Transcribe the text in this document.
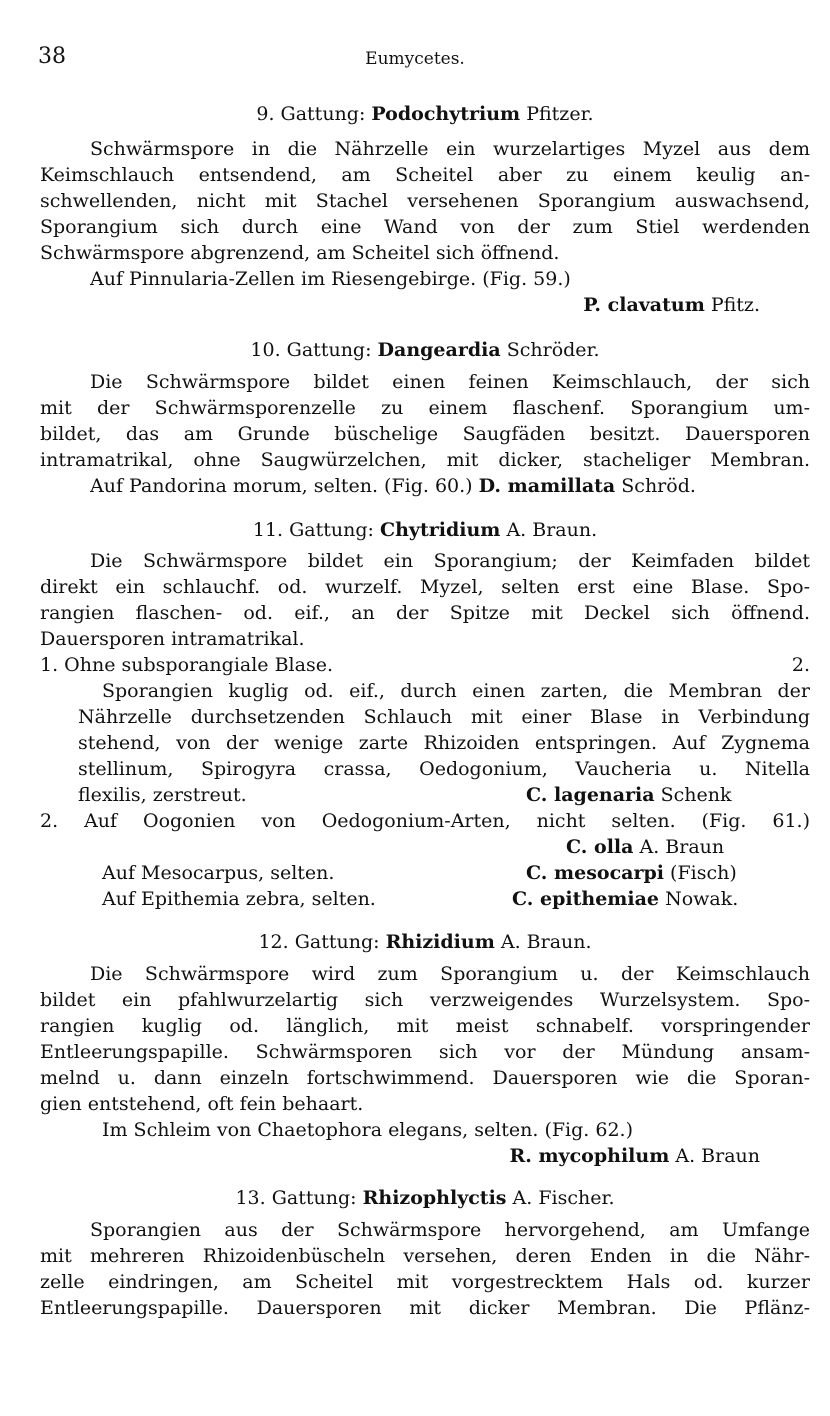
38	Eumycetes.
9. Gattung: Podochytrium Pfitzer.
Schwärmspore in die Nährzelle ein wurzelartiges Myzel aus dem
Keimschlauch entsendend, am Scheitel aber zu einem keulig an-
schwellenden, nicht mit Stachel versehenen Sporangium auswachsend,
Sporangium sich durch eine Wand von der zum Stiel werdenden
Schwärmspore abgrenzend, am Scheitel sich öffnend.
Auf Pinnularia-Zellen im Riesengebirge. (Fig. 59.)
P. clavatum Pfitz.
10. Gattung: Dangeardia Schröder.
Die Schwärmspore bildet einen feinen Keimschlauch, der sich
mit der Schwärmsporenzelle zu einem flaschenf. Sporangium um-
bildet, das am Grunde büschelige Saugfäden besitzt. Dauersporen
intramatrikal, ohne Saugwürzelchen, mit dicker, stacheliger Membran.
Auf Pandorina morum, selten. (Fig. 60.) D. mamillata Schröd.
11. Gattung: Chytridium A. Braun.
Die Schwärmspore bildet ein Sporangium; der Keimfaden bildet
direkt ein schlauchf. od. wurzelf. Myzel, selten erst eine Blase. Spo-
rangien flaschen- od. eif., an der Spitze mit Deckel sich öffnend.
Dauersporen intramatrikal.
1. Ohne subsporangiale Blase.	2.
Sporangien kuglig od. eif., durch einen zarten, die Membran der
Nährzelle durchsetzenden Schlauch mit einer Blase in Verbindung
stehend, von der wenige zarte Rhizoiden entspringen. Auf Zygnema
stellinum, Spirogyra crassa, Oedogonium, Vaucheria u. Nitella
flexilis, zerstreut.	C. lagenaria Schenk
2. Auf Oogonien von Oedogonium-Arten, nicht selten. (Fig. 61.)
C. olla A. Braun
Auf Mesocarpus, selten.	C. mesocarpi (Fisch)
Auf Epithemia zebra, selten.	C. epithemiae Nowak.
12. Gattung: Rhizidium A. Braun.
Die Schwärmspore wird zum Sporangium u. der Keimschlauch
bildet ein pfahlwurzelartig sich verzweigendes Wurzelsystem. Spo-
rangien kuglig od. länglich, mit meist schnabelf. vorspringender
Entleerungspapille. Schwärmsporen sich vor der Mündung ansam-
melnd u. dann einzeln fortschwimmend. Dauersporen wie die Sporan-
gien entstehend, oft fein behaart.
Im Schleim von Chaetophora elegans, selten. (Fig. 62.)
R. mycophilum A. Braun
13. Gattung: Rhizophlyctis A. Fischer.
Sporangien aus der Schwärmspore hervorgehend, am Umfange
mit mehreren Rhizoidenbüscheln versehen, deren Enden in die Nähr-
zelle eindringen, am Scheitel mit vorgestrecktem Hals od. kurzer
Entleerungspapille. Dauersporen mit dicker Membran. Die Pflänz-
